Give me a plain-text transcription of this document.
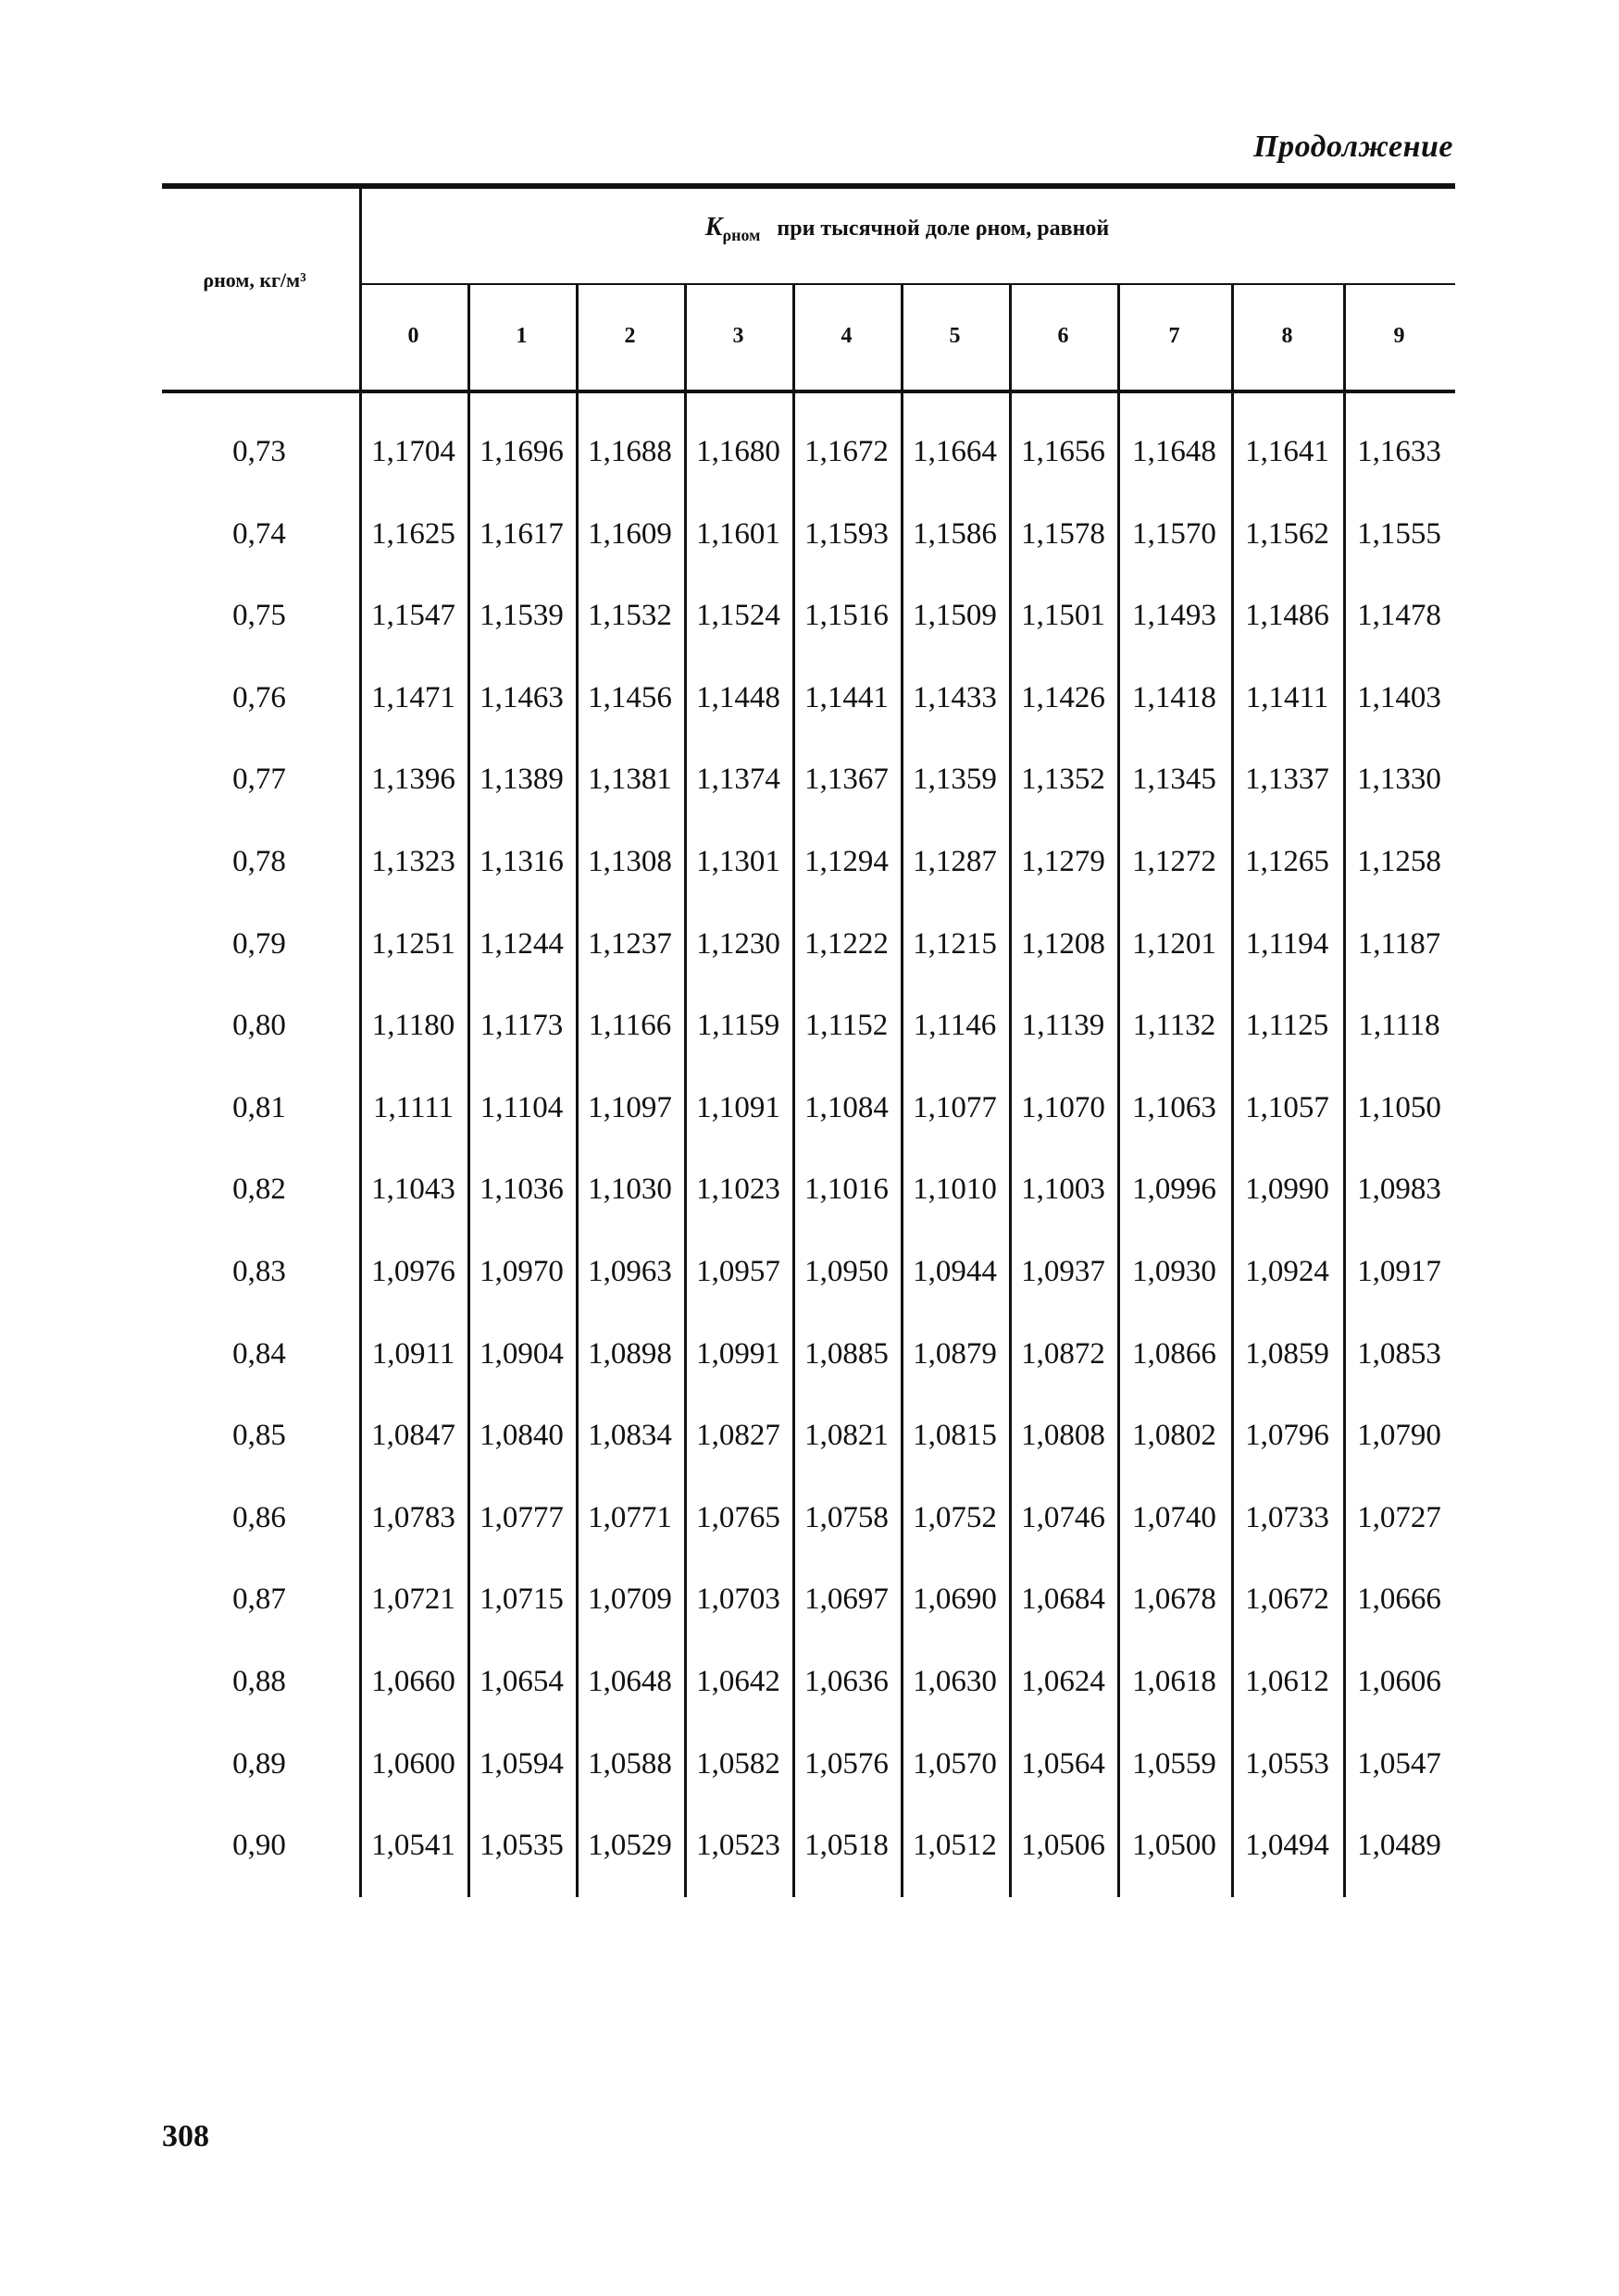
Продолжение
ρном, кг/м³
$K_{\rho ном}$ при тысячной доле ρном, равной
0	1	2	3	4	5	6	7	8	9
0,73	1,1704 1,1696 1,1688 1,1680 1,1672 1,1664 1,1656 1,1648 1,1641 1,1633
0,74	1,1625 1,1617 1,1609 1,1601 1,1593 1,1586 1,1578 1,1570 1,1562 1,1555
0,75	1,1547 1,1539 1,1532 1,1524 1,1516 1,1509 1,1501 1,1493 1,1486 1,1478
0,76	1,1471 1,1463 1,1456 1,1448 1,1441 1,1433 1,1426 1,1418 1,1411 1,1403
0,77	1,1396 1,1389 1,1381 1,1374 1,1367 1,1359 1,1352 1,1345 1,1337 1,1330
0,78	1,1323 1,1316 1,1308 1,1301 1,1294 1,1287 1,1279 1,1272 1,1265 1,1258
0,79	1,1251 1,1244 1,1237 1,1230 1,1222 1,1215 1,1208 1,1201 1,1194 1,1187
0,80	1,1180 1,1173 1,1166 1,1159 1,1152 1,1146 1,1139 1,1132 1,1125 1,1118
0,81	1,1111 1,1104 1,1097 1,1091 1,1084 1,1077 1,1070 1,1063 1,1057 1,1050
0,82	1,1043 1,1036 1,1030 1,1023 1,1016 1,1010 1,1003 1,0996 1,0990 1,0983
0,83	1,0976 1,0970 1,0963 1,0957 1,0950 1,0944 1,0937 1,0930 1,0924 1,0917
0,84	1,0911 1,0904 1,0898 1,0991 1,0885 1,0879 1,0872 1,0866 1,0859 1,0853
0,85	1,0847 1,0840 1,0834 1,0827 1,0821 1,0815 1,0808 1,0802 1,0796 1,0790
0,86	1,0783 1,0777 1,0771 1,0765 1,0758 1,0752 1,0746 1,0740 1,0733 1,0727
0,87	1,0721 1,0715 1,0709 1,0703 1,0697 1,0690 1,0684 1,0678 1,0672 1,0666
0,88	1,0660 1,0654 1,0648 1,0642 1,0636 1,0630 1,0624 1,0618 1,0612 1,0606
0,89	1,0600 1,0594 1,0588 1,0582 1,0576 1,0570 1,0564 1,0559 1,0553 1,0547
0,90	1,0541 1,0535 1,0529 1,0523 1,0518 1,0512 1,0506 1,0500 1,0494 1,0489
308
